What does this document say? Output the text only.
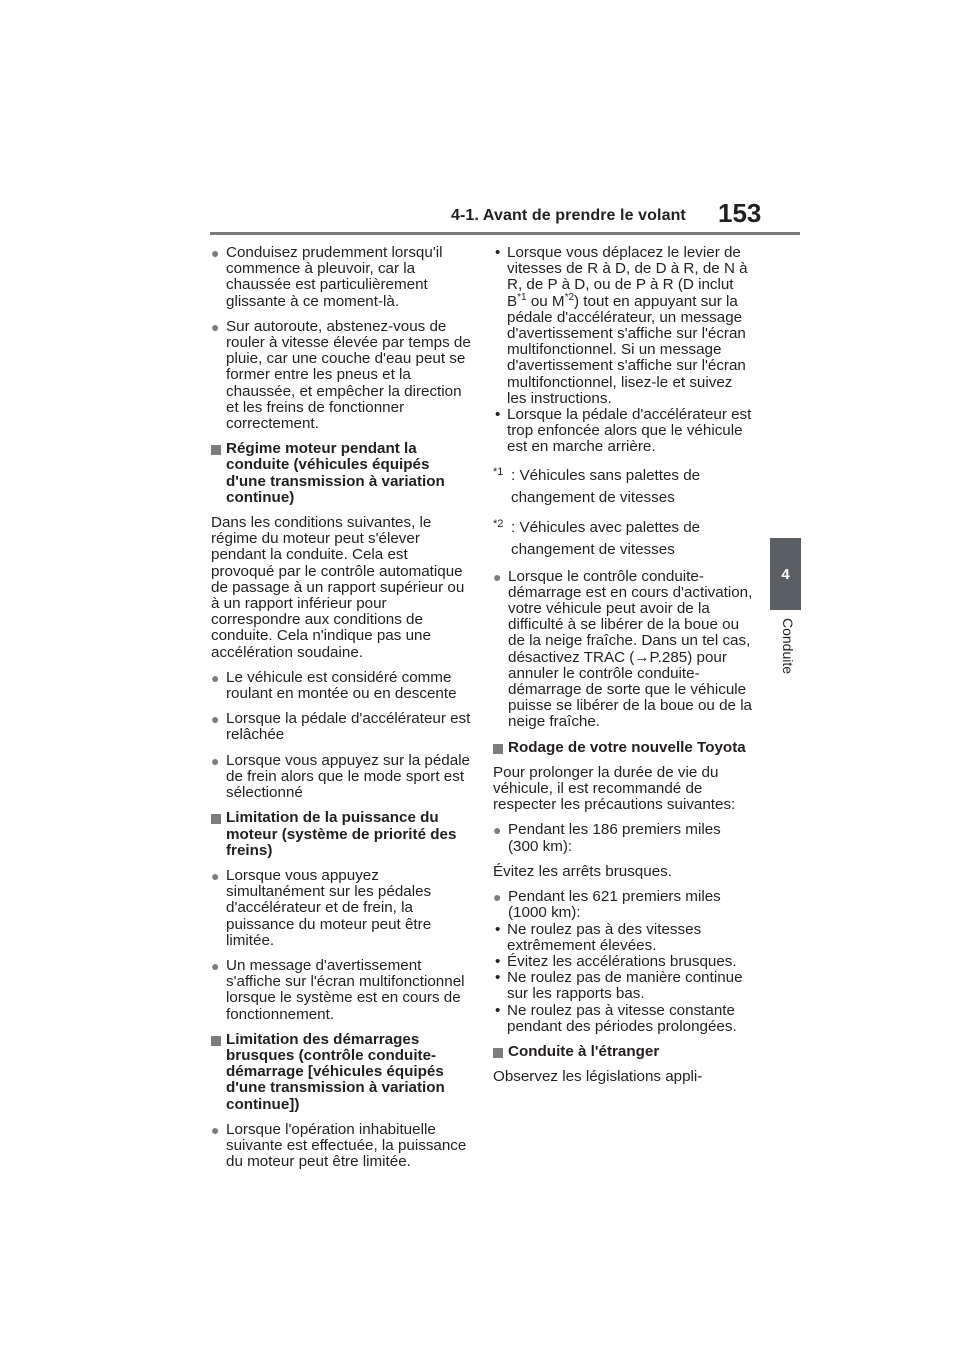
4-1. Avant de prendre le volant 153
4
Conduite
● Conduisez prudemment lorsqu'il commence à pleuvoir, car la chaussée est particulièrement glissante à ce moment-là.
● Sur autoroute, abstenez-vous de rouler à vitesse élevée par temps de pluie, car une couche d'eau peut se former entre les pneus et la chaussée, et empêcher la direction et les freins de fonctionner correctement.
Régime moteur pendant la conduite (véhicules équipés d'une transmission à variation continue)
Dans les conditions suivantes, le régime du moteur peut s'élever pendant la conduite. Cela est provoqué par le contrôle automatique de passage à un rapport supérieur ou à un rapport inférieur pour correspondre aux conditions de conduite. Cela n'indique pas une accélération soudaine.
● Le véhicule est considéré comme roulant en montée ou en descente
● Lorsque la pédale d'accélérateur est relâchée
● Lorsque vous appuyez sur la pédale de frein alors que le mode sport est sélectionné
Limitation de la puissance du moteur (système de priorité des freins)
● Lorsque vous appuyez simultanément sur les pédales d'accélérateur et de frein, la puissance du moteur peut être limitée.
● Un message d'avertissement s'affiche sur l'écran multifonctionnel lorsque le système est en cours de fonctionnement.
Limitation des démarrages brusques (contrôle conduite-démarrage [véhicules équipés d'une transmission à variation continue])
● Lorsque l'opération inhabituelle suivante est effectuée, la puissance du moteur peut être limitée.
• Lorsque vous déplacez le levier de vitesses de R à D, de D à R, de N à R, de P à D, ou de P à R (D inclut $B^{*1}$ ou $M^{*2}$) tout en appuyant sur la pédale d'accélérateur, un message d'avertissement s'affiche sur l'écran multifonctionnel. Si un message d'avertissement s'affiche sur l'écran multifonctionnel, lisez-le et suivez les instructions.
• Lorsque la pédale d'accélérateur est trop enfoncée alors que le véhicule est en marche arrière.
*1 : Véhicules sans palettes de changement de vitesses
*2 : Véhicules avec palettes de changement de vitesses
● Lorsque le contrôle conduite-démarrage est en cours d'activation, votre véhicule peut avoir de la difficulté à se libérer de la boue ou de la neige fraîche. Dans un tel cas, désactivez TRAC (→P.285) pour annuler le contrôle conduite-démarrage de sorte que le véhicule puisse se libérer de la boue ou de la neige fraîche.
Rodage de votre nouvelle Toyota
Pour prolonger la durée de vie du véhicule, il est recommandé de respecter les précautions suivantes:
● Pendant les 186 premiers miles (300 km):
Évitez les arrêts brusques.
● Pendant les 621 premiers miles (1000 km):
• Ne roulez pas à des vitesses extrêmement élevées.
• Évitez les accélérations brusques.
• Ne roulez pas de manière continue sur les rapports bas.
• Ne roulez pas à vitesse constante pendant des périodes prolongées.
Conduite à l'étranger
Observez les législations appli-
